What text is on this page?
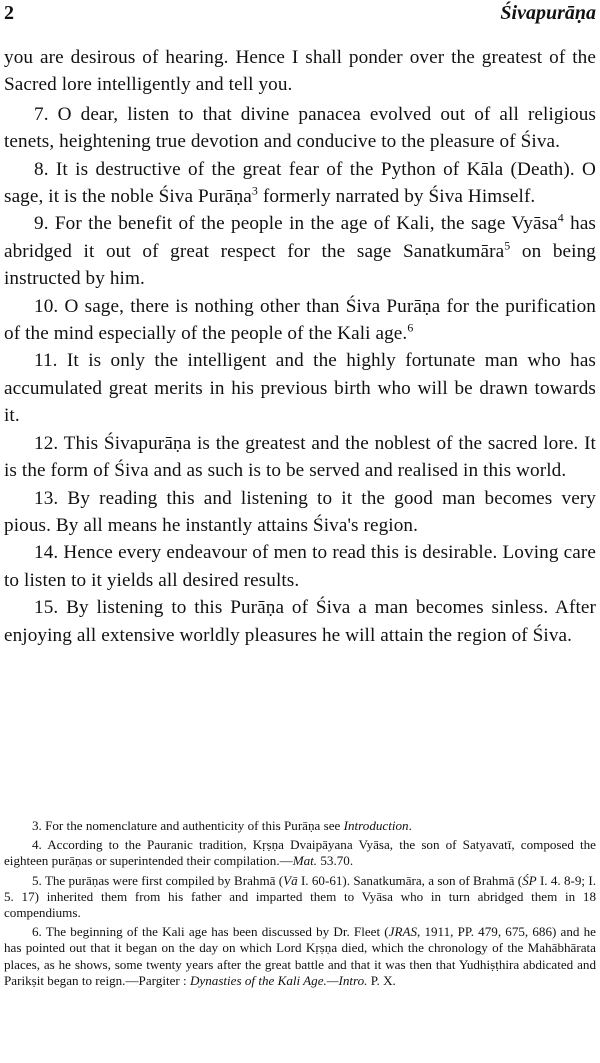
2	Śivapurāṇa

you are desirous of hearing. Hence I shall ponder over the greatest of the Sacred lore intelligently and tell you.

7. O dear, listen to that divine panacea evolved out of all religious tenets, heightening true devotion and conducive to the pleasure of Śiva.

8. It is destructive of the great fear of the Python of Kāla (Death). O sage, it is the noble Śiva Purāṇa$^3$ formerly narrated by Śiva Himself.

9. For the benefit of the people in the age of Kali, the sage Vyāsa$^4$ has abridged it out of great respect for the sage Sanatkumāra$^5$ on being instructed by him.

10. O sage, there is nothing other than Śiva Purāṇa for the purification of the mind especially of the people of the Kali age.$^6$

11. It is only the intelligent and the highly fortunate man who has accumulated great merits in his previous birth who will be drawn towards it.

12. This Śivapurāṇa is the greatest and the noblest of the sacred lore. It is the form of Śiva and as such is to be served and realised in this world.

13. By reading this and listening to it the good man becomes very pious. By all means he instantly attains Śiva's region.

14. Hence every endeavour of men to read this is desirable. Loving care to listen to it yields all desired results.

15. By listening to this Purāṇa of Śiva a man becomes sinless. After enjoying all extensive worldly pleasures he will attain the region of Śiva.

3. For the nomenclature and authenticity of this Purāṇa see Introduction.

4. According to the Pauranic tradition, Kṛṣṇa Dvaipāyana Vyāsa, the son of Satyavatī, composed the eighteen purāṇas or superintended their compilation.—Mat. 53.70.

5. The purāṇas were first compiled by Brahmā (Vā I. 60-61). Sanatkumāra, a son of Brahmā (ŚP I. 4. 8-9; I. 5. 17) inherited them from his father and imparted them to Vyāsa who in turn abridged them in 18 compendiums.

6. The beginning of the Kali age has been discussed by Dr. Fleet (JRAS, 1911, PP. 479, 675, 686) and he has pointed out that it began on the day on which Lord Kṛṣṇa died, which the chronology of the Mahābhārata places, as he shows, some twenty years after the great battle and that it was then that Yudhiṣṭhira abdicated and Parikṣit began to reign.—Pargiter : Dynasties of the Kali Age.—Intro. P. X.
